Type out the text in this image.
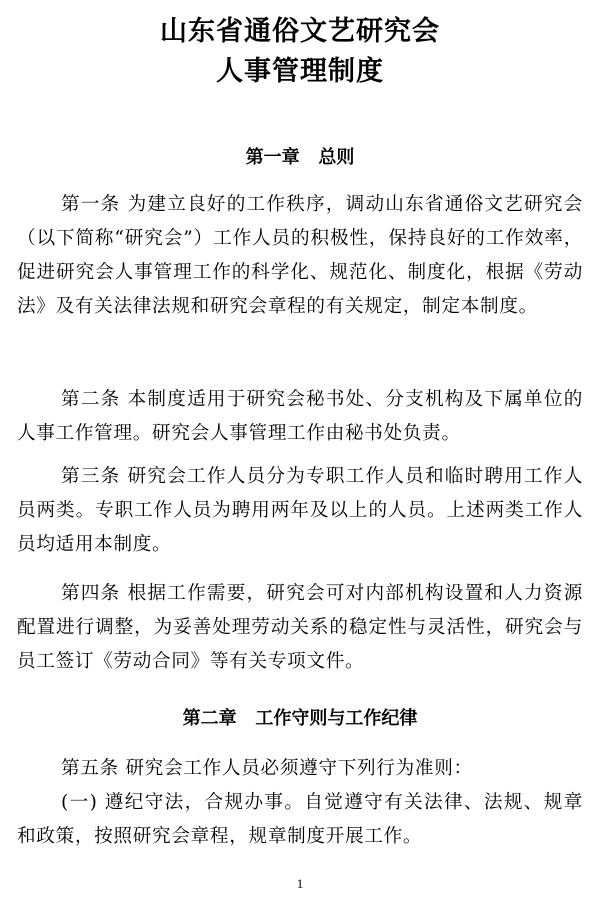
山东省通俗文艺研究会
人事管理制度
第一章   总则

第一条 为建立良好的工作秩序，调动山东省通俗文艺研究会（以下简称“研究会”）工作人员的积极性，保持良好的工作效率，促进研究会人事管理工作的科学化、规范化、制度化，根据《劳动法》及有关法律法规和研究会章程的有关规定，制定本制度。

第二条 本制度适用于研究会秘书处、分支机构及下属单位的人事工作管理。研究会人事管理工作由秘书处负责。

第三条 研究会工作人员分为专职工作人员和临时聘用工作人员两类。专职工作人员为聘用两年及以上的人员。上述两类工作人员均适用本制度。

第四条 根据工作需要，研究会可对内部机构设置和人力资源配置进行调整，为妥善处理劳动关系的稳定性与灵活性，研究会与员工签订《劳动合同》等有关专项文件。

第二章   工作守则与工作纪律

第五条 研究会工作人员必须遵守下列行为准则：

(一) 遵纪守法，合规办事。自觉遵守有关法律、法规、规章和政策，按照研究会章程，规章制度开展工作。

1
